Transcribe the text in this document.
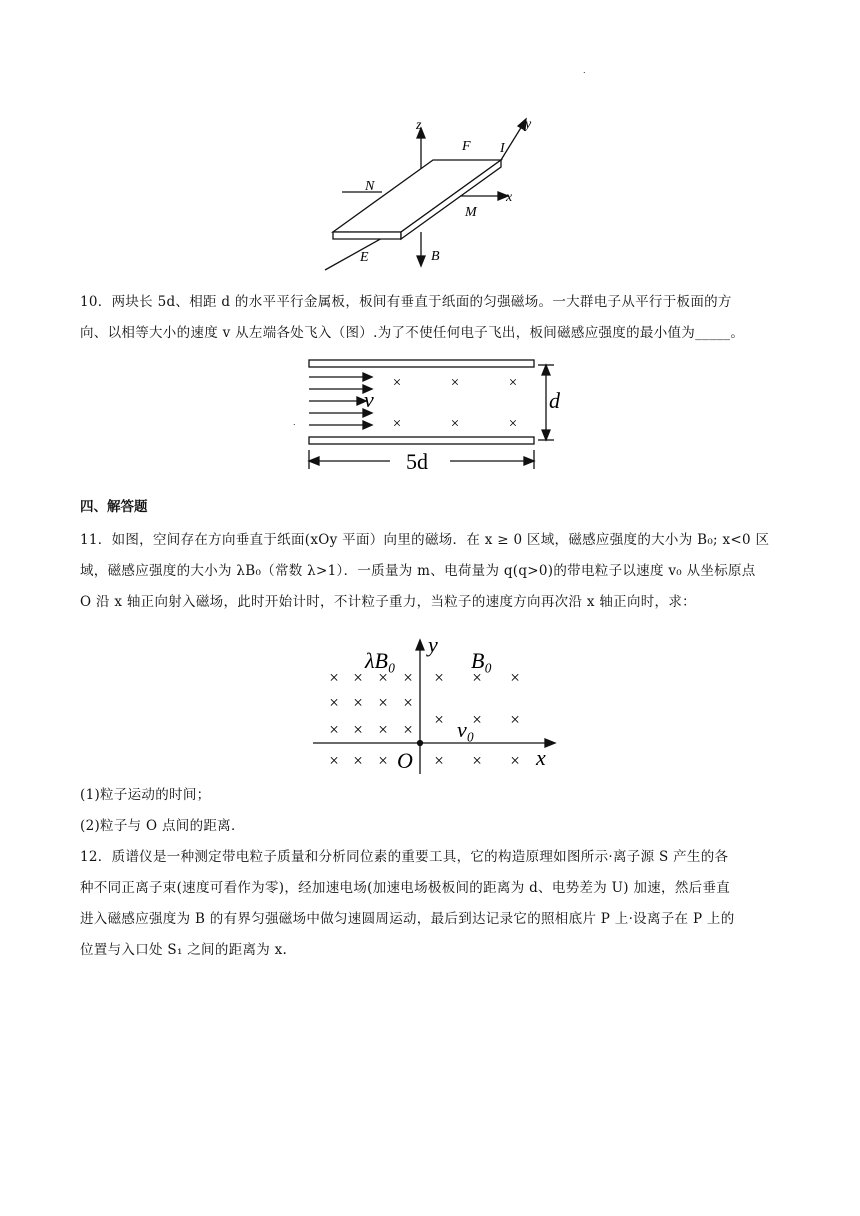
.
z	y
F I
N
x
M
E	B
10．两块长 5d、相距 d 的水平平行金属板，板间有垂直于纸面的匀强磁场。一大群电子从平行于板面的方
向、以相等大小的速度 v 从左端各处飞入（图）.为了不使任何电子飞出，板间磁感应强度的最小值为_____。
×	×	×
×	×	×
v	d
5d
.
四、解答题
11．如图，空间存在方向垂直于纸面(xOy 平面）向里的磁场．在 x ≥ 0 区域，磁感应强度的大小为 B₀; x<0 区
域，磁感应强度的大小为 λB₀（常数 λ>1）．一质量为 m、电荷量为 q(q>0)的带电粒子以速度 v₀ 从坐标原点
O 沿 x 轴正向射入磁场，此时开始计时，不计粒子重力，当粒子的速度方向再次沿 x 轴正向时，求：
× × × ×
× × × ×
× × × ×
× × ×
× × ×
× × ×
× × ×
λB₀	B₀
y
v₀
O	x
(1)粒子运动的时间；
(2)粒子与 O 点间的距离．
12．质谱仪是一种测定带电粒子质量和分析同位素的重要工具，它的构造原理如图所示·离子源 S 产生的各
种不同正离子束(速度可看作为零)，经加速电场(加速电场极板间的距离为 d、电势差为 U) 加速，然后垂直
进入磁感应强度为 B 的有界匀强磁场中做匀速圆周运动，最后到达记录它的照相底片 P 上·设离子在 P 上的
位置与入口处 S₁ 之间的距离为 x.
